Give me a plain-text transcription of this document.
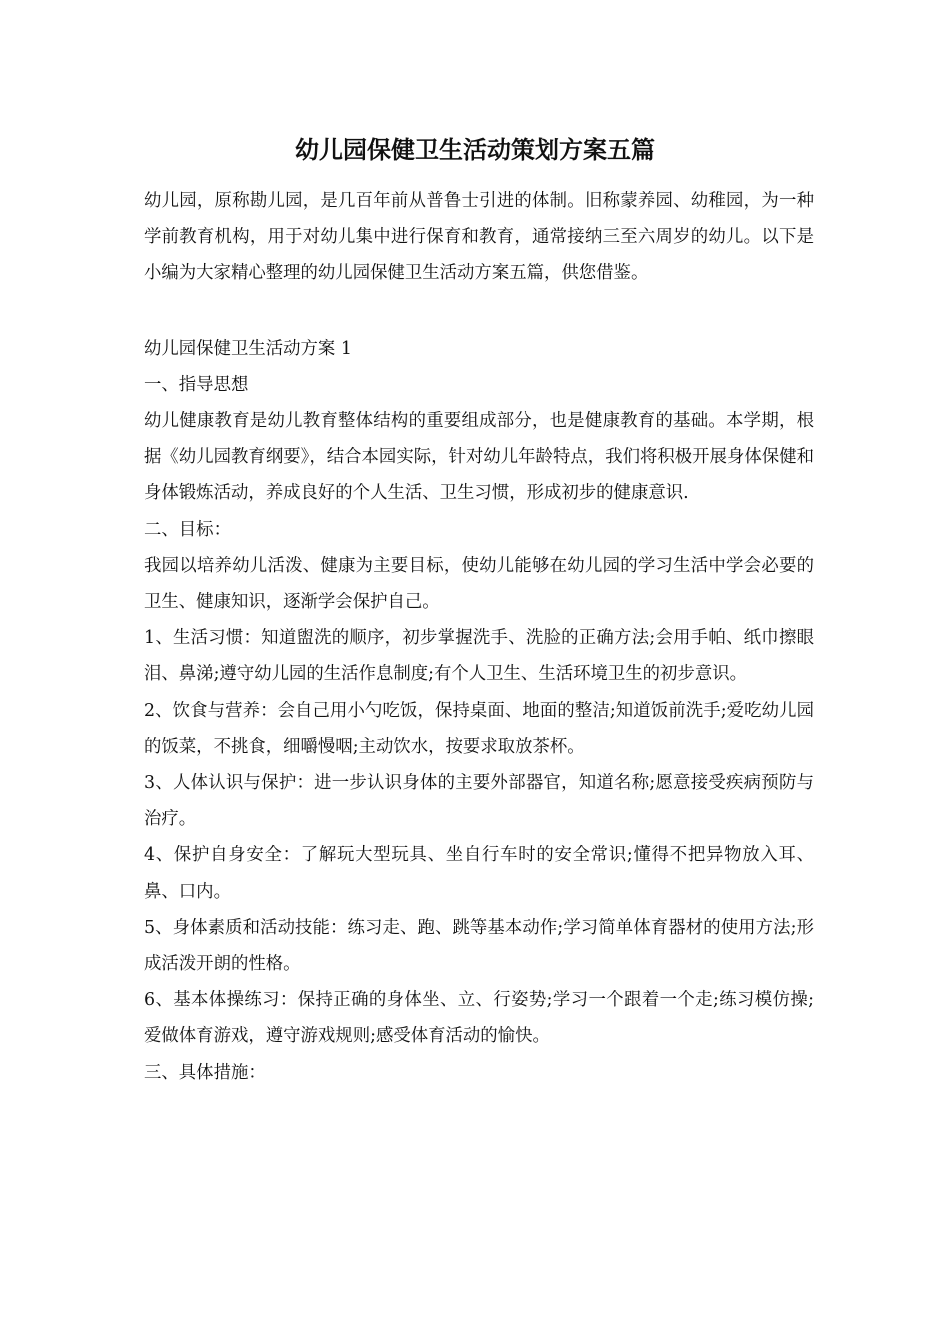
幼儿园保健卫生活动策划方案五篇

幼儿园，原称勘儿园，是几百年前从普鲁士引进的体制。旧称蒙养园、幼稚园，为一种学前教育机构，用于对幼儿集中进行保育和教育，通常接纳三至六周岁的幼儿。以下是小编为大家精心整理的幼儿园保健卫生活动方案五篇，供您借鉴。

幼儿园保健卫生活动方案 1

一、指导思想

幼儿健康教育是幼儿教育整体结构的重要组成部分，也是健康教育的基础。本学期，根据《幼儿园教育纲要》，结合本园实际，针对幼儿年龄特点，我们将积极开展身体保健和身体锻炼活动，养成良好的个人生活、卫生习惯，形成初步的健康意识.

二、目标：

我园以培养幼儿活泼、健康为主要目标，使幼儿能够在幼儿园的学习生活中学会必要的卫生、健康知识，逐渐学会保护自己。

1、生活习惯：知道盥洗的顺序，初步掌握洗手、洗脸的正确方法;会用手帕、纸巾擦眼泪、鼻涕;遵守幼儿园的生活作息制度;有个人卫生、生活环境卫生的初步意识。

2、饮食与营养：会自己用小勺吃饭，保持桌面、地面的整洁;知道饭前洗手;爱吃幼儿园的饭菜，不挑食，细嚼慢咽;主动饮水，按要求取放茶杯。

3、人体认识与保护：进一步认识身体的主要外部器官，知道名称;愿意接受疾病预防与治疗。

4、保护自身安全：了解玩大型玩具、坐自行车时的安全常识;懂得不把异物放入耳、鼻、口内。

5、身体素质和活动技能：练习走、跑、跳等基本动作;学习简单体育器材的使用方法;形成活泼开朗的性格。

6、基本体操练习：保持正确的身体坐、立、行姿势;学习一个跟着一个走;练习模仿操;爱做体育游戏，遵守游戏规则;感受体育活动的愉快。

三、具体措施：
